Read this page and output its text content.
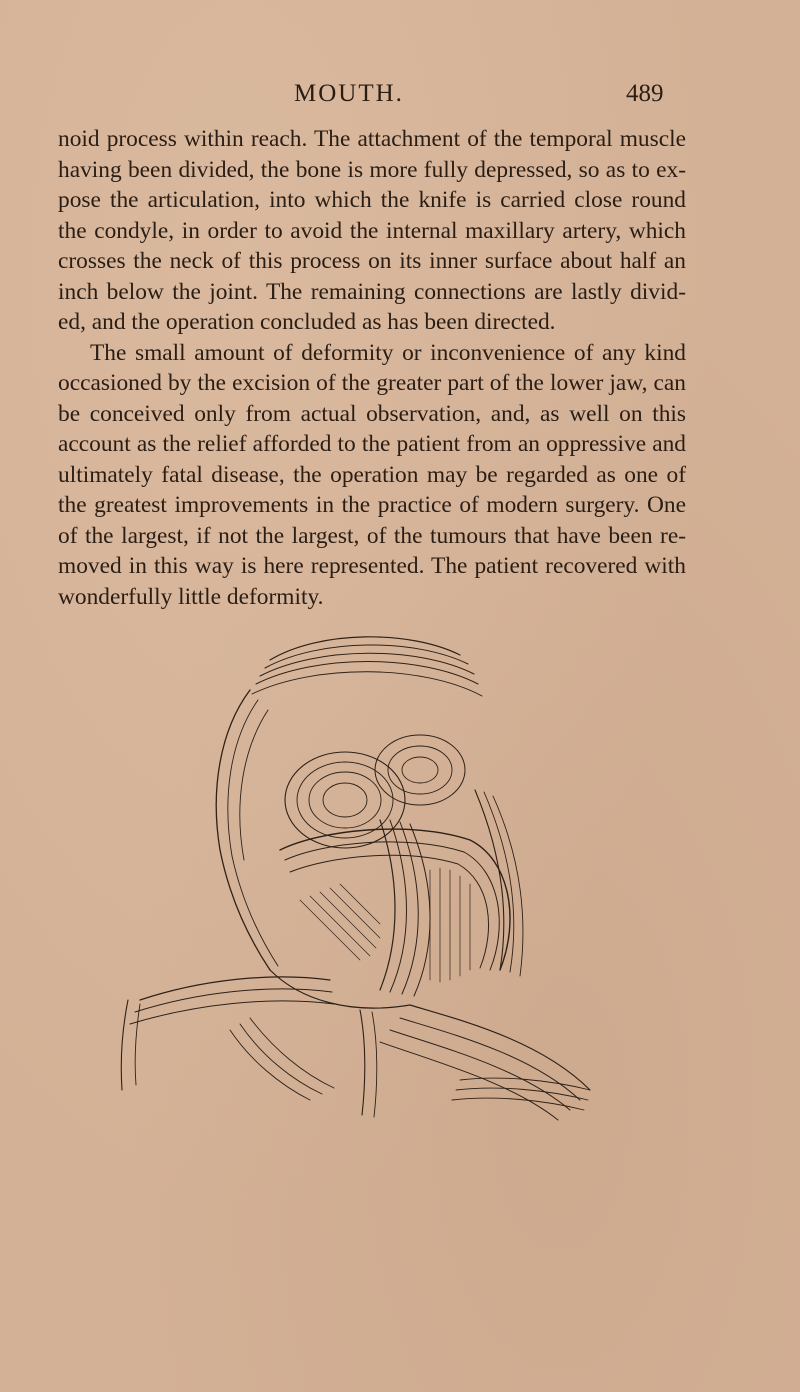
MOUTH.	489

noid process within reach. The attachment of the temporal muscle having been divided, the bone is more fully depressed, so as to ex-pose the articulation, into which the knife is carried close round the condyle, in order to avoid the internal maxillary artery, which crosses the neck of this process on its inner surface about half an inch below the joint. The remaining connections are lastly divid-ed, and the operation concluded as has been directed.

The small amount of deformity or inconvenience of any kind occasioned by the excision of the greater part of the lower jaw, can be conceived only from actual observation, and, as well on this account as the relief afforded to the patient from an oppressive and ultimately fatal disease, the operation may be regarded as one of the greatest improvements in the practice of modern surgery. One of the largest, if not the largest, of the tumours that have been re-moved in this way is here represented. The patient recovered with wonderfully little deformity.
